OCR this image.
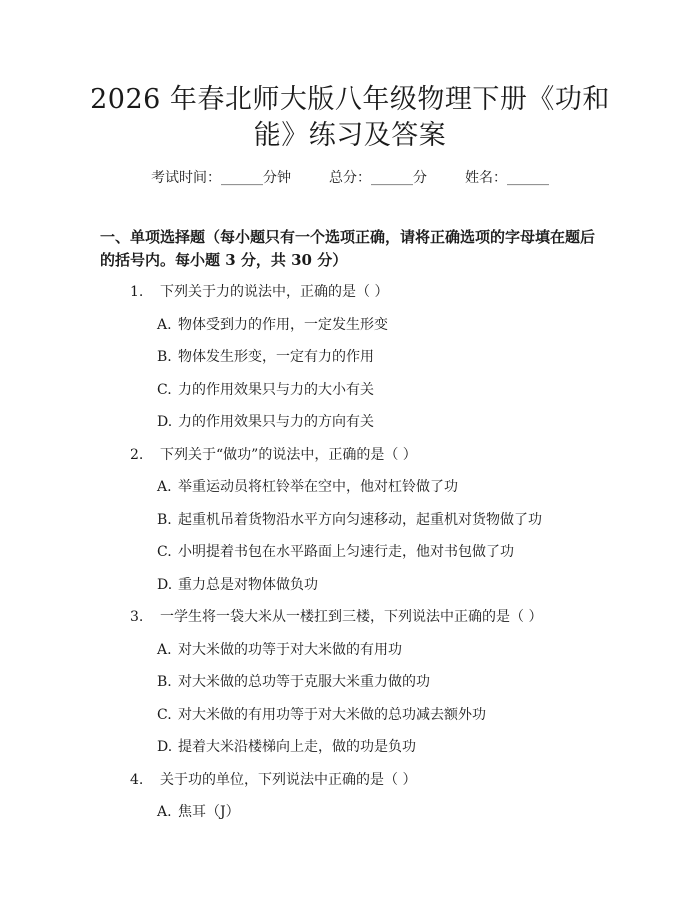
2026 年春北师大版八年级物理下册《功和
能》练习及答案
考试时间：______分钟	总分：______分	姓名：______
一、单项选择题（每小题只有一个选项正确，请将正确选项的字母填在题后的括号内。每小题 3 分，共 30 分）
1. 下列关于力的说法中，正确的是（ ）
A. 物体受到力的作用，一定发生形变
B. 物体发生形变，一定有力的作用
C. 力的作用效果只与力的大小有关
D. 力的作用效果只与力的方向有关
2. 下列关于“做功”的说法中，正确的是（ ）
A. 举重运动员将杠铃举在空中，他对杠铃做了功
B. 起重机吊着货物沿水平方向匀速移动，起重机对货物做了功
C. 小明提着书包在水平路面上匀速行走，他对书包做了功
D. 重力总是对物体做负功
3. 一学生将一袋大米从一楼扛到三楼，下列说法中正确的是（ ）
A. 对大米做的功等于对大米做的有用功
B. 对大米做的总功等于克服大米重力做的功
C. 对大米做的有用功等于对大米做的总功减去额外功
D. 提着大米沿楼梯向上走，做的功是负功
4. 关于功的单位，下列说法中正确的是（ ）
A. 焦耳（J）
